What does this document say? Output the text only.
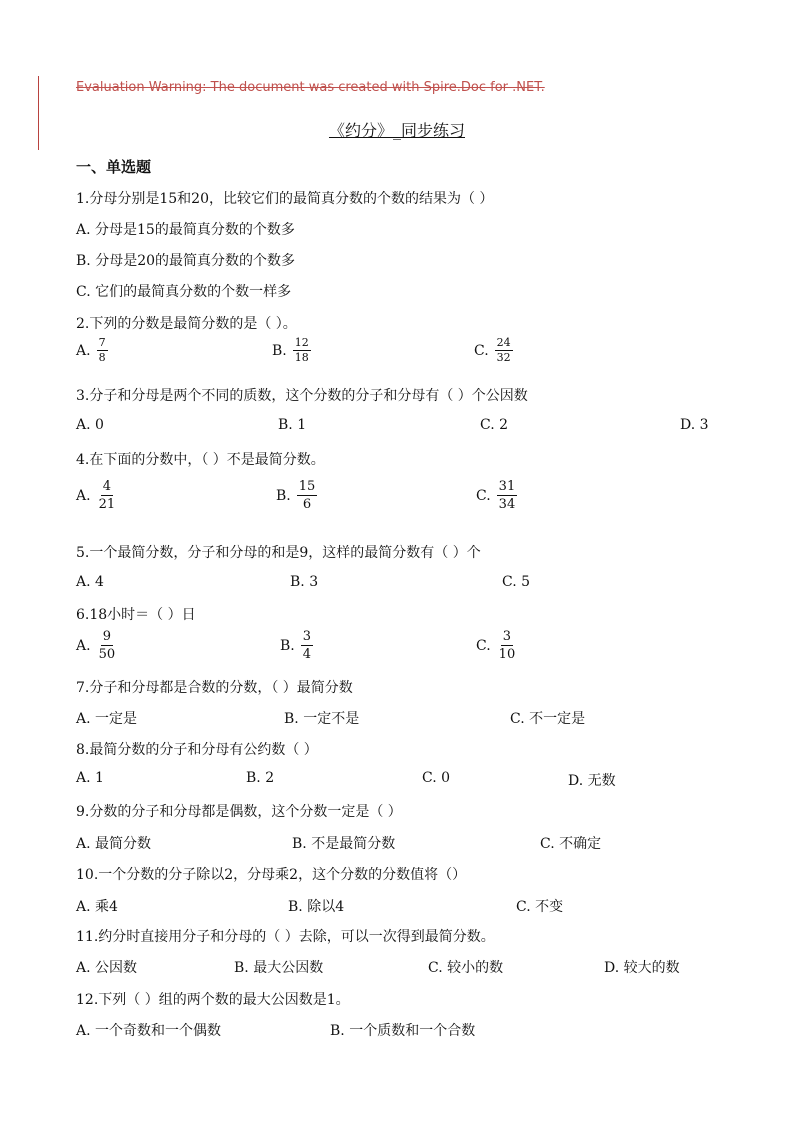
Evaluation Warning: The document was created with Spire.Doc for .NET.
《约分》_同步练习
一、单选题
1.分母分别是15和20，比较它们的最简真分数的个数的结果为（ ）
A. 分母是15的最简真分数的个数多
B. 分母是20的最简真分数的个数多
C. 它们的最简真分数的个数一样多
2.下列的分数是最简分数的是（ ）。
A. $\frac{7}{8}$	B. $\frac{12}{18}$	C. $\frac{24}{32}$
3.分子和分母是两个不同的质数，这个分数的分子和分母有（ ）个公因数
A. 0	B. 1	C. 2	D. 3
4.在下面的分数中，（ ）不是最简分数。
A. $\frac{4}{21}$	B. $\frac{15}{6}$	C. $\frac{31}{34}$
5.一个最简分数，分子和分母的和是9，这样的最简分数有（ ）个
A. 4	B. 3	C. 5
6.18小时＝（ ）日
A. $\frac{9}{50}$	B. $\frac{3}{4}$	C. $\frac{3}{10}$
7.分子和分母都是合数的分数，（ ）最简分数
A. 一定是	B. 一定不是	C. 不一定是
8.最简分数的分子和分母有公约数（ ）
A. 1	B. 2	C. 0	D. 无数
9.分数的分子和分母都是偶数，这个分数一定是（ ）
A. 最简分数	B. 不是最简分数	C. 不确定
10.一个分数的分子除以2，分母乘2，这个分数的分数值将（）
A. 乘4	B. 除以4	C. 不变
11.约分时直接用分子和分母的（ ）去除，可以一次得到最简分数。
A. 公因数	B. 最大公因数	C. 较小的数	D. 较大的数
12.下列（ ）组的两个数的最大公因数是1。
A. 一个奇数和一个偶数	B. 一个质数和一个合数
